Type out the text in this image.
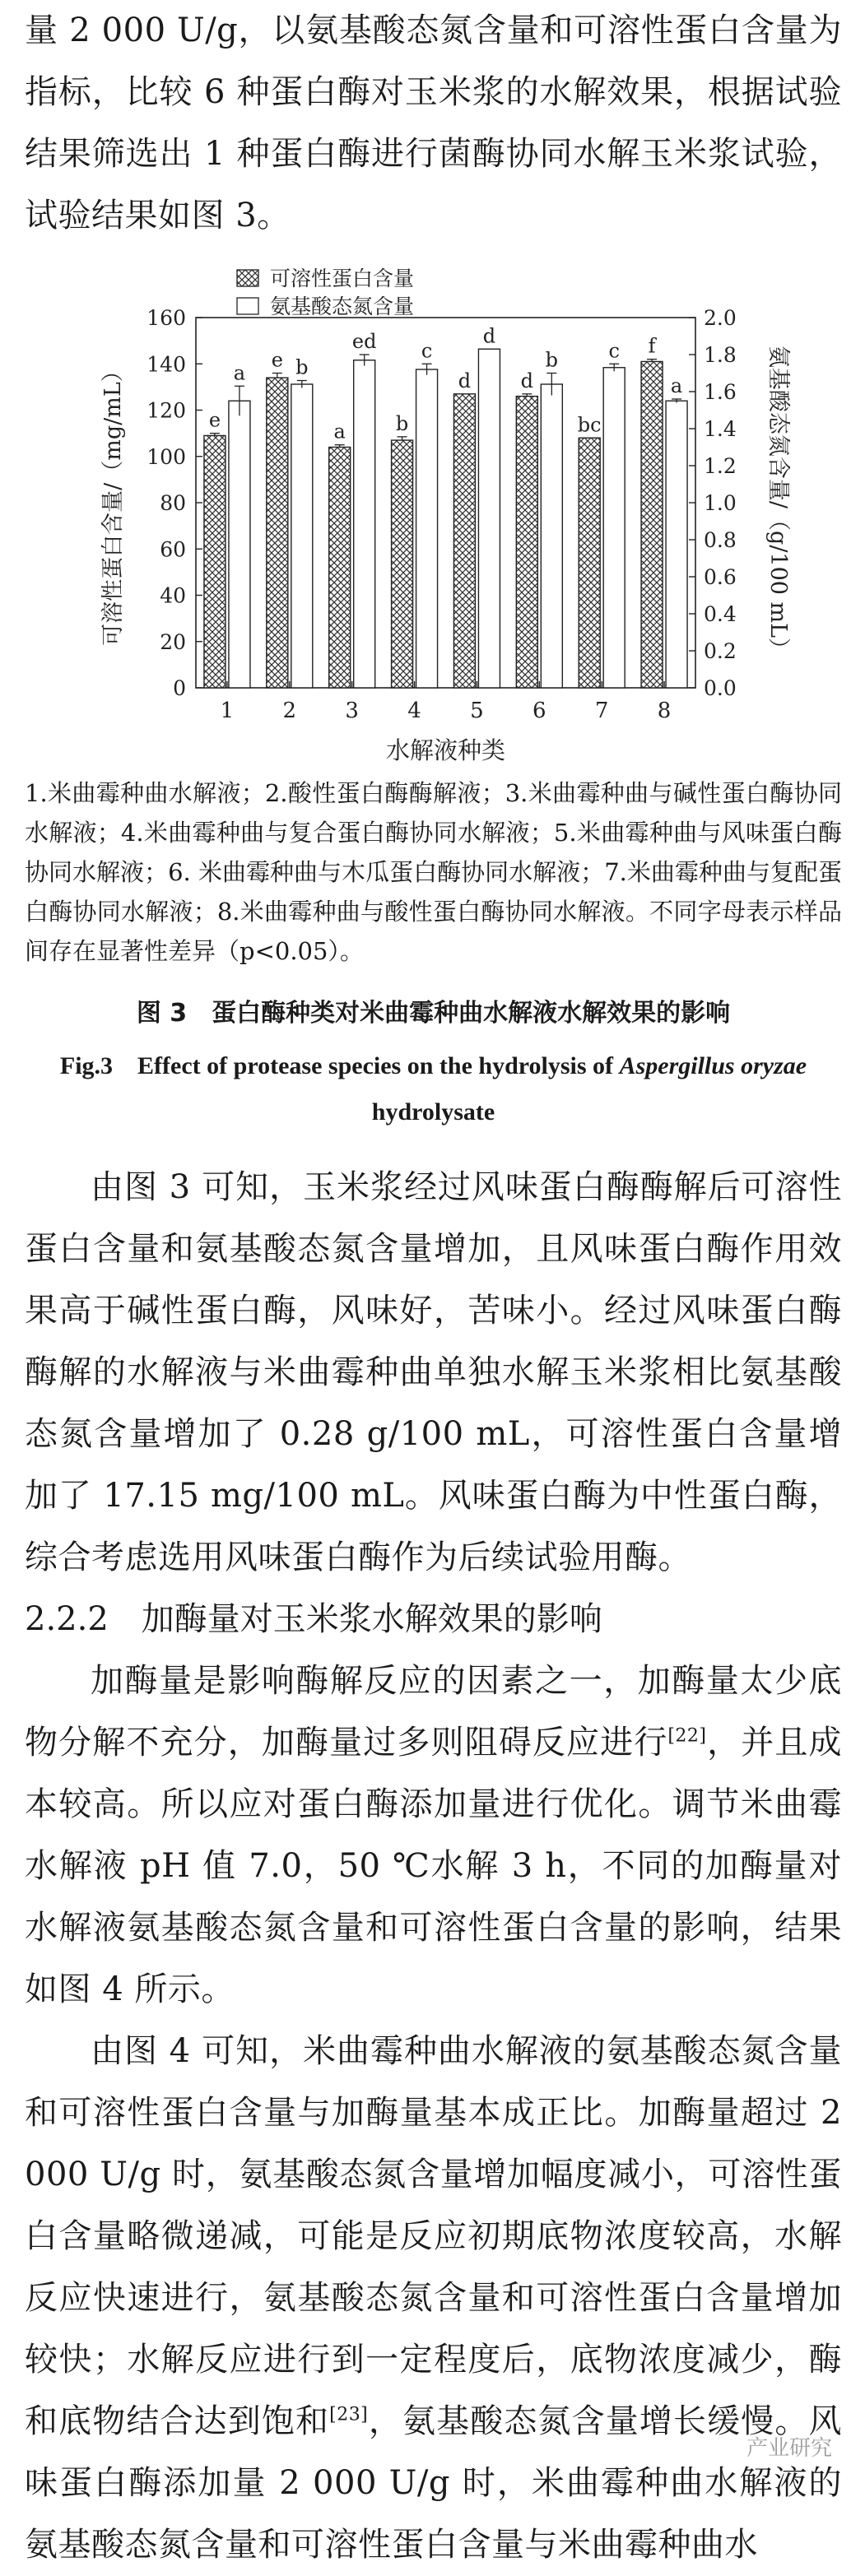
量 2 000 U/g，以氨基酸态氮含量和可溶性蛋白含量为指标，比较 6 种蛋白酶对玉米浆的水解效果，根据试验结果筛选出 1 种蛋白酶进行菌酶协同水解玉米浆试验，试验结果如图 3。

0
20
40
60
80
100
120
140
160
0.0
0.2
0.4
0.6
0.8
1.0
1.2
1.4
1.6
1.8
2.0
e
a
1
e b
2
a
ed
3
b
c
4
d
d
5
d
b
6
bc
c
7
f
a
8
水解液种类
可溶性蛋白含量/（mg/mL）	氨基酸态氮含量/（g/100 mL）
可溶性蛋白含量
氨基酸态氮含量

1.米曲霉种曲水解液；2.酸性蛋白酶酶解液；3.米曲霉种曲与碱性蛋白酶协同水解液；4.米曲霉种曲与复合蛋白酶协同水解液；5.米曲霉种曲与风味蛋白酶协同水解液；6. 米曲霉种曲与木瓜蛋白酶协同水解液；7.米曲霉种曲与复配蛋白酶协同水解液；8.米曲霉种曲与酸性蛋白酶协同水解液。不同字母表示样品间存在显著性差异（p<0.05）。

图 3　蛋白酶种类对米曲霉种曲水解液水解效果的影响

Fig.3　Effect of protease species on the hydrolysis of Aspergillus oryzae hydrolysate

由图 3 可知，玉米浆经过风味蛋白酶酶解后可溶性蛋白含量和氨基酸态氮含量增加，且风味蛋白酶作用效果高于碱性蛋白酶，风味好，苦味小。经过风味蛋白酶酶解的水解液与米曲霉种曲单独水解玉米浆相比氨基酸态氮含量增加了 0.28 g/100 mL，可溶性蛋白含量增加了 17.15 mg/100 mL。风味蛋白酶为中性蛋白酶，综合考虑选用风味蛋白酶作为后续试验用酶。

2.2.2　加酶量对玉米浆水解效果的影响

加酶量是影响酶解反应的因素之一，加酶量太少底物分解不充分，加酶量过多则阻碍反应进行[22]，并且成本较高。所以应对蛋白酶添加量进行优化。调节米曲霉水解液 pH 值 7.0，50 ℃水解 3 h，不同的加酶量对水解液氨基酸态氮含量和可溶性蛋白含量的影响，结果如图 4 所示。

由图 4 可知，米曲霉种曲水解液的氨基酸态氮含量和可溶性蛋白含量与加酶量基本成正比。加酶量超过 2 000 U/g 时，氨基酸态氮含量增加幅度减小，可溶性蛋白含量略微递减，可能是反应初期底物浓度较高，水解反应快速进行，氨基酸态氮含量和可溶性蛋白含量增加较快；水解反应进行到一定程度后，底物浓度减少，酶和底物结合达到饱和[23]，氨基酸态氮含量增长缓慢。风味蛋白酶添加量 2 000 U/g 时，米曲霉种曲水解液的氨基酸态氮含量和可溶性蛋白含量与米曲霉种曲水

产业研究
